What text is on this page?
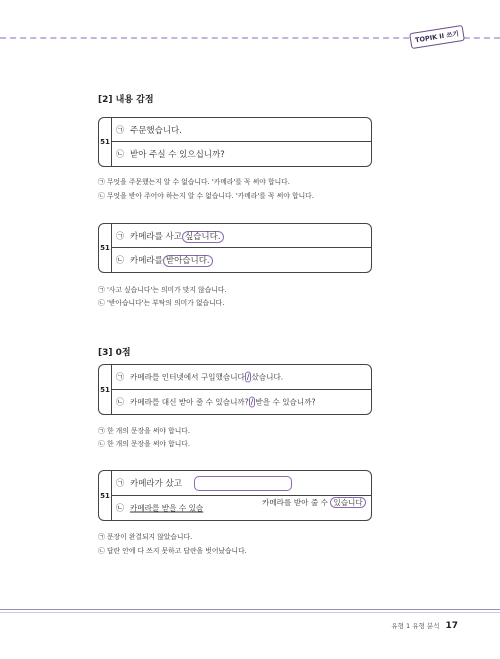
TOPIK II 쓰기
[2] 내용 감점
51
㉠ 주문했습니다.
㉡ 받아 주실 수 있으십니까?
㉠ 무엇을 주문했는지 알 수 없습니다. '카메라'를 꼭 써야 합니다.
㉡ 무엇을 받아 주어야 하는지 알 수 없습니다. '카메라'를 꼭 써야 합니다.
51
㉠ 카메라를 사고 싶습니다.
㉡ 카메라를 받아습니다.
㉠ '사고 싶습니다'는 의미가 맞지 않습니다.
㉡ '받아습니다'는 부탁의 의미가 없습니다.
[3] 0점
51
㉠ 카메라를 인터넷에서 구입했습니다 / 샀습니다.
㉡ 카메라를 대신 받아 줄 수 있습니까? / 받을 수 있습니까?
㉠ 한 개의 문장을 써야 합니다.
㉡ 한 개의 문장을 써야 합니다.
51
㉠ 카메라가 샀고
㉡ 카메라를 받을 수 있습
카메라를 받아 줄 수 있습니다
㉠ 문장이 완결되지 않았습니다.
㉡ 답란 안에 다 쓰지 못하고 답란을 벗어났습니다.
유형 1 유형 분석 17
